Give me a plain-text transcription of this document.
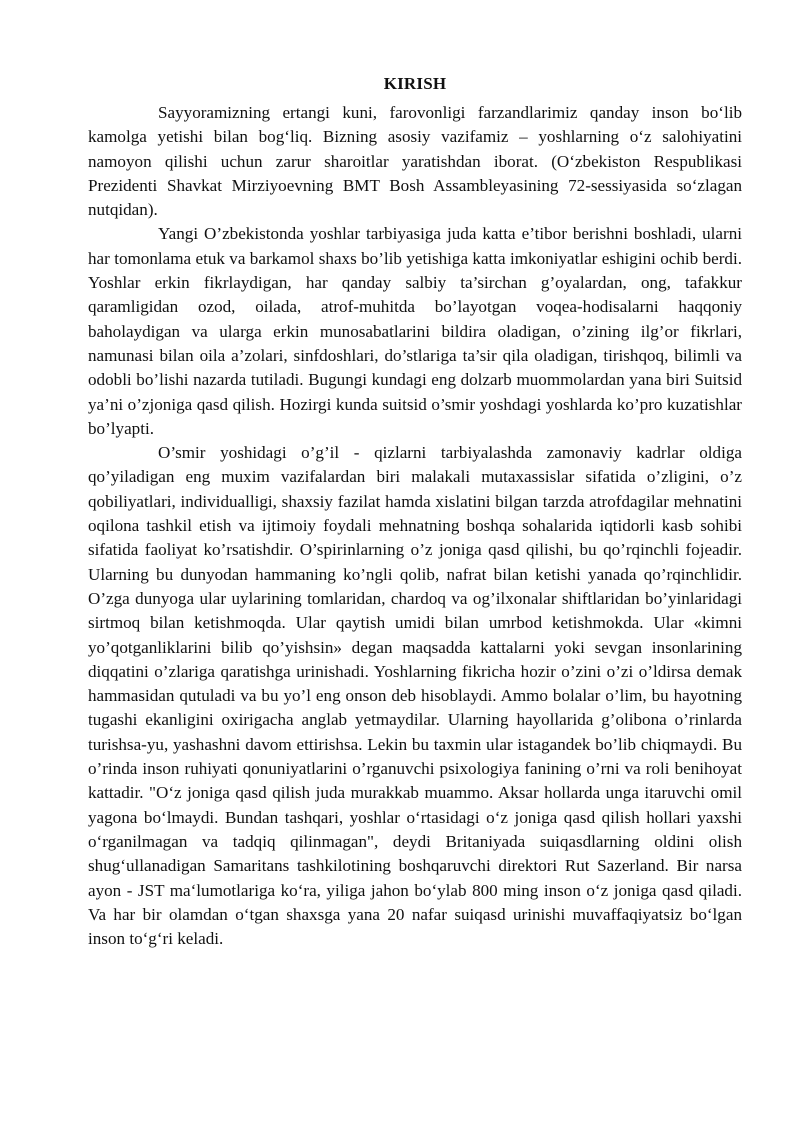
KIRISH

Sayyoramizning ertangi kuni, farovonligi farzandlarimiz qanday inson bo‘lib kamolga yetishi bilan bog‘liq. Bizning asosiy vazifamiz – yoshlarning o‘z salohiyatini namoyon qilishi uchun zarur sharoitlar yaratishdan iborat. (O‘zbekiston Respublikasi Prezidenti Shavkat Mirziyoevning BMT Bosh Assambleyasining 72-sessiyasida so‘zlagan nutqidan).

Yangi O’zbekistonda yoshlar tarbiyasiga juda katta e’tibor berishni boshladi, ularni har tomonlama etuk va barkamol shaxs bo’lib yetishiga katta imkoniyatlar eshigini ochib berdi. Yoshlar erkin fikrlaydigan, har qanday salbiy ta’sirchan g’oyalardan, ong, tafakkur qaramligidan ozod, oilada, atrof-muhitda bo’layotgan voqea-hodisalarni haqqoniy baholaydigan va ularga erkin munosabatlarini bildira oladigan, o’zining ilg’or fikrlari, namunasi bilan oila a’zolari, sinfdoshlari, do’stlariga ta’sir qila oladigan, tirishqoq, bilimli va odobli bo’lishi nazarda tutiladi. Bugungi kundagi eng dolzarb muommolardan yana biri Suitsid ya’ni o’zjoniga qasd qilish. Hozirgi kunda suitsid o’smir yoshdagi yoshlarda ko’pro kuzatishlar bo’lyapti.

O’smir yoshidagi o’g’il - qizlarni tarbiyalashda zamonaviy kadrlar oldiga qo’yiladigan eng muxim vazifalardan biri malakali mutaxassislar sifatida o’zligini, o’z qobiliyatlari, individualligi, shaxsiy fazilat hamda xislatini bilgan tarzda atrofdagilar mehnatini oqilona tashkil etish va ijtimoiy foydali mehnatning boshqa sohalarida iqtidorli kasb sohibi sifatida faoliyat ko’rsatishdir. O’spirinlarning o’z joniga qasd qilishi, bu qo’rqinchli fojeadir. Ularning bu dunyodan hammaning ko’ngli qolib, nafrat bilan ketishi yanada qo’rqinchlidir. O’zga dunyoga ular uylarining tomlaridan, chardoq va og’ilxonalar shiftlaridan bo’yinlaridagi sirtmoq bilan ketishmoqda. Ular qaytish umidi bilan umrbod ketishmokda. Ular «kimni yo’qotganliklarini bilib qo’yishsin» degan maqsadda kattalarni yoki sevgan insonlarining diqqatini o’zlariga qaratishga urinishadi. Yoshlarning fikricha hozir o’zini o’zi o’ldirsa demak hammasidan qutuladi va bu yo’l eng onson deb hisoblaydi. Ammo bolalar o’lim, bu hayotning tugashi ekanligini oxirigacha anglab yetmaydilar. Ularning hayollarida g’olibona o’rinlarda turishsa-yu, yashashni davom ettirishsa. Lekin bu taxmin ular istagandek bo’lib chiqmaydi. Bu o’rinda inson ruhiyati qonuniyatlarini o’rganuvchi psixologiya fanining o’rni va roli benihoyat kattadir. "O‘z joniga qasd qilish juda murakkab muammo. Aksar hollarda unga itaruvchi omil yagona bo‘lmaydi. Bundan tashqari, yoshlar o‘rtasidagi o‘z joniga qasd qilish hollari yaxshi o‘rganilmagan va tadqiq qilinmagan", deydi Britaniyada suiqasdlarning oldini olish shug‘ullanadigan Samaritans tashkilotining boshqaruvchi direktori Rut Sazerland. Bir narsa ayon - JST ma‘lumotlariga ko‘ra, yiliga jahon bo‘ylab 800 ming inson o‘z joniga qasd qiladi. Va har bir olamdan o‘tgan shaxsga yana 20 nafar suiqasd urinishi muvaffaqiyatsiz bo‘lgan inson to‘g‘ri keladi.
